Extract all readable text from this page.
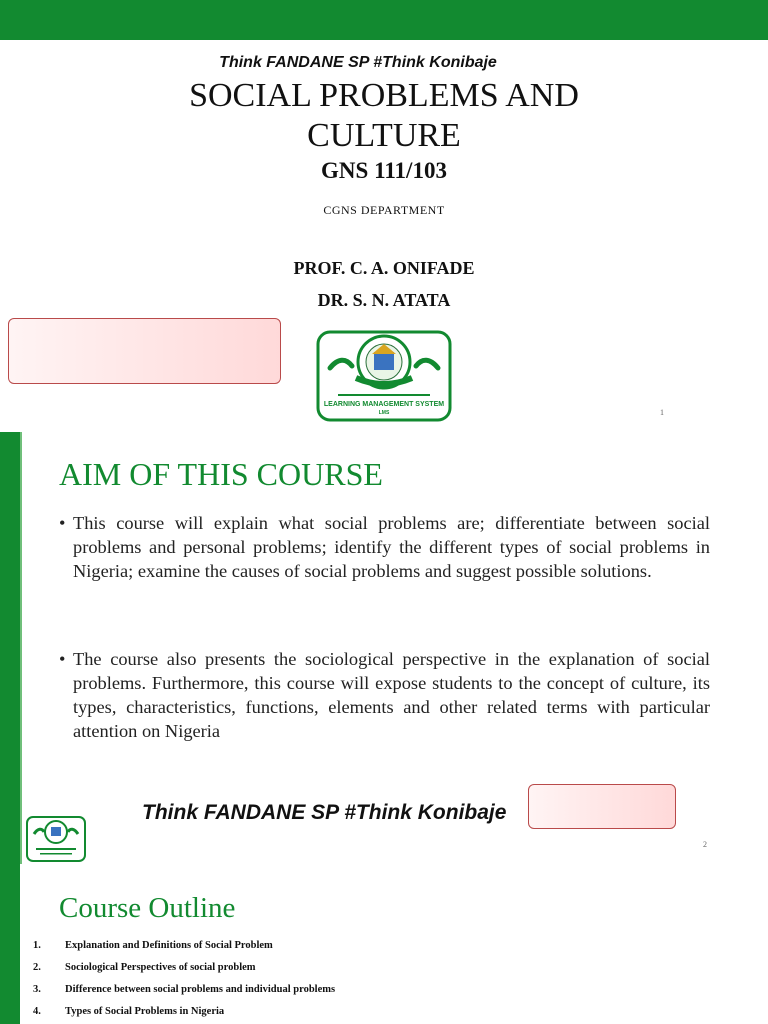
Think FANDANE SP #Think Konibaje
SOCIAL PROBLEMS AND
CULTURE
GNS 111/103
CGNS DEPARTMENT
PROF. C. A. ONIFADE
DR. S. N. ATATA
LEARNING MANAGEMENT SYSTEM
LMS	1
AIM OF THIS COURSE
• This course will explain what social problems are; differentiate between social problems and personal problems; identify the different types of social problems in Nigeria; examine the causes of social problems and suggest possible solutions.
• The course also presents the sociological perspective in the explanation of social problems. Furthermore, this course will expose students to the concept of culture, its types, characteristics, functions, elements and other related terms with particular attention on Nigeria
Think FANDANE SP #Think Konibaje
2
Course Outline
1. Explanation and Definitions of Social Problem
2. Sociological Perspectives of social problem
3. Difference between social problems and individual problems
4. Types of Social Problems in Nigeria
